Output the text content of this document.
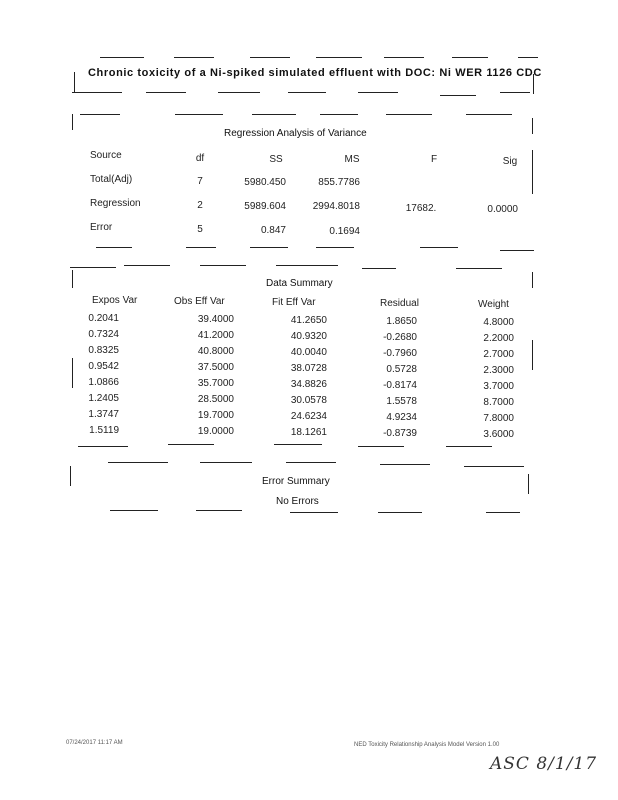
Chronic toxicity of a Ni-spiked simulated effluent with DOC: Ni WER 1126 CDC
Regression Analysis of Variance
Source	df	SS	MS	F	Sig
Total(Adj)	7	5980.450	855.7786
Regression	2	5989.604	2994.8018	17682.	0.0000
Error	5	0.847	0.1694
Data Summary
Expos Var	Obs Eff Var	Fit Eff Var	Residual	Weight
0.2041	39.4000	41.2650	1.8650	4.8000
0.7324	41.2000	40.9320	-0.2680	2.2000
0.8325	40.8000	40.0040	-0.7960	2.7000
0.9542	37.5000	38.0728	0.5728	2.3000
1.0866	35.7000	34.8826	-0.8174	3.7000
1.2405	28.5000	30.0578	1.5578	8.7000
1.3747	19.7000	24.6234	4.9234	7.8000
1.5119	19.0000	18.1261	-0.8739	3.6000
Error Summary
No Errors
07/24/2017 11:17 AM	NED Toxicity Relationship Analysis Model Version 1.00
ASC 8/1/17
